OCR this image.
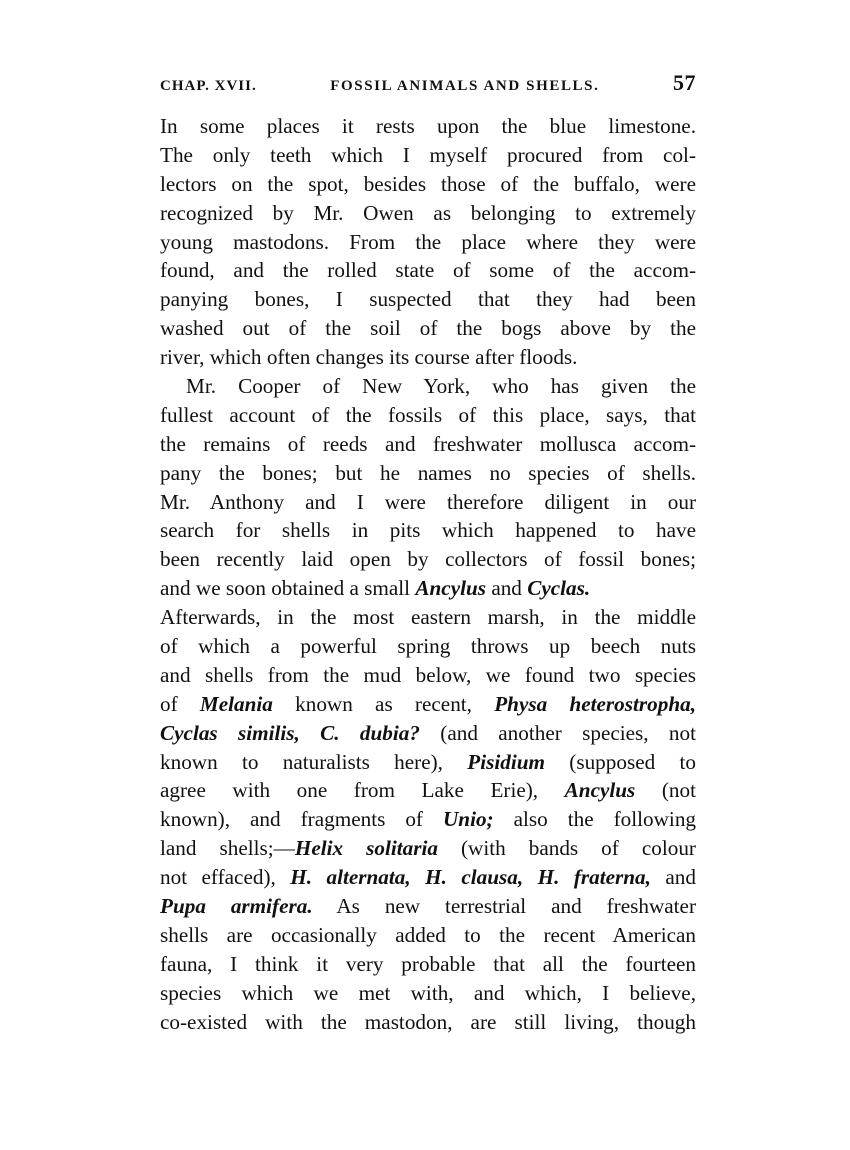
CHAP. XVII.	FOSSIL ANIMALS AND SHELLS.	57
In some places it rests upon the blue limestone.
The only teeth which I myself procured from col-
lectors on the spot, besides those of the buffalo, were
recognized by Mr. Owen as belonging to extremely
young mastodons. From the place where they were
found, and the rolled state of some of the accom-
panying bones, I suspected that they had been
washed out of the soil of the bogs above by the
river, which often changes its course after floods.
Mr. Cooper of New York, who has given the
fullest account of the fossils of this place, says, that
the remains of reeds and freshwater mollusca accom-
pany the bones; but he names no species of shells.
Mr. Anthony and I were therefore diligent in our
search for shells in pits which happened to have
been recently laid open by collectors of fossil bones;
and we soon obtained a small Ancylus and Cyclas.
Afterwards, in the most eastern marsh, in the middle
of which a powerful spring throws up beech nuts
and shells from the mud below, we found two species
of Melania known as recent, Physa heterostropha,
Cyclas similis, C. dubia? (and another species, not
known to naturalists here), Pisidium (supposed to
agree with one from Lake Erie), Ancylus (not
known), and fragments of Unio; also the following
land shells;—Helix solitaria (with bands of colour
not effaced), H. alternata, H. clausa, H. fraterna, and
Pupa armifera. As new terrestrial and freshwater
shells are occasionally added to the recent American
fauna, I think it very probable that all the fourteen
species which we met with, and which, I believe,
co-existed with the mastodon, are still living, though
